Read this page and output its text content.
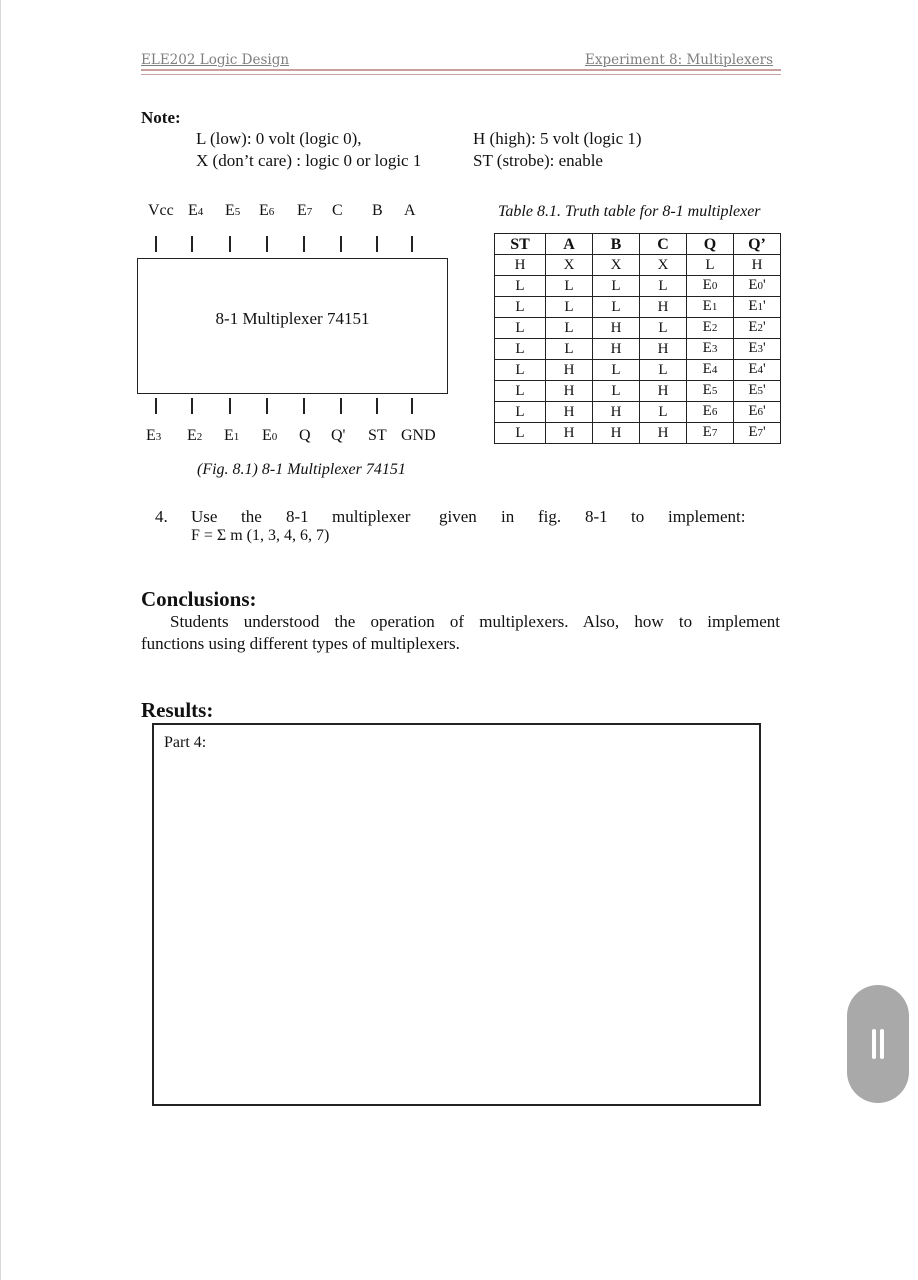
ELE202 Logic Design	Experiment 8: Multiplexers
Note:
L (low): 0 volt (logic 0),
X (don’t care) : logic 0 or logic 1
H (high): 5 volt (logic 1)
ST (strobe): enable
Vcc E4 E5 E6 E7 C B A
E3 E2 E1 E0 Q Q' ST GND
8-1 Multiplexer 74151
(Fig. 8.1) 8-1 Multiplexer 74151
Table 8.1. Truth table for 8-1 multiplexer
ST	A	B	C	Q	Q’
H	X	X	X	L	H
L	L	L	L	E0	E0'
L	L	L	H	E1	E1'
L	L	H	L	E2	E2'
L	L	H	H	E3	E3'
L	H	L	L	E4	E4'
L	H	L	H	E5	E5'
L	H	H	L	E6	E6'
L	H	H	H	E7	E7'
4. Use the 8-1 multiplexer given in fig. 8-1 to implement:
F = Σ m (1, 3, 4, 6, 7)
Conclusions:
Students understood the operation of multiplexers. Also, how to implement
functions using different types of multiplexers.
Results:
Part 4:
